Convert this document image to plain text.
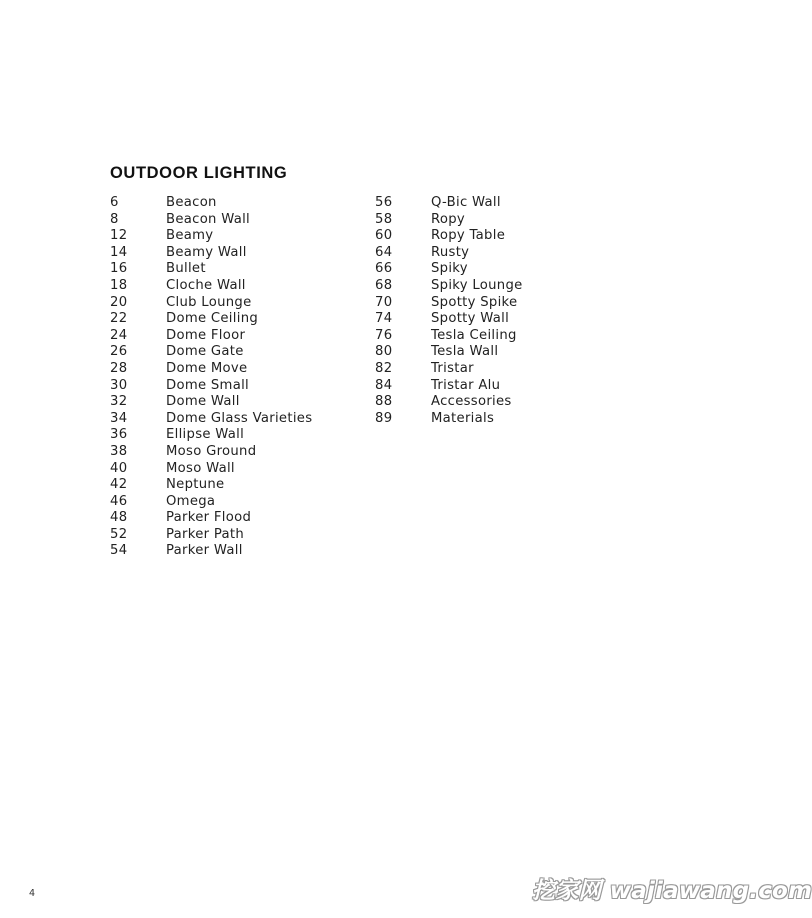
OUTDOOR LIGHTING
6	Beacon
8	Beacon Wall
12	Beamy
14	Beamy Wall
16	Bullet
18	Cloche Wall
20	Club Lounge
22	Dome Ceiling
24	Dome Floor
26	Dome Gate
28	Dome Move
30	Dome Small
32	Dome Wall
34	Dome Glass Varieties
36	Ellipse Wall
38	Moso Ground
40	Moso Wall
42	Neptune
46	Omega
48	Parker Flood
52	Parker Path
54	Parker Wall
56	Q-Bic Wall
58	Ropy
60	Ropy Table
64	Rusty
66	Spiky
68	Spiky Lounge
70	Spotty Spike
74	Spotty Wall
76	Tesla Ceiling
80	Tesla Wall
82	Tristar
84	Tristar Alu
88	Accessories
89	Materials
4	挖家网 wajiawang.com
